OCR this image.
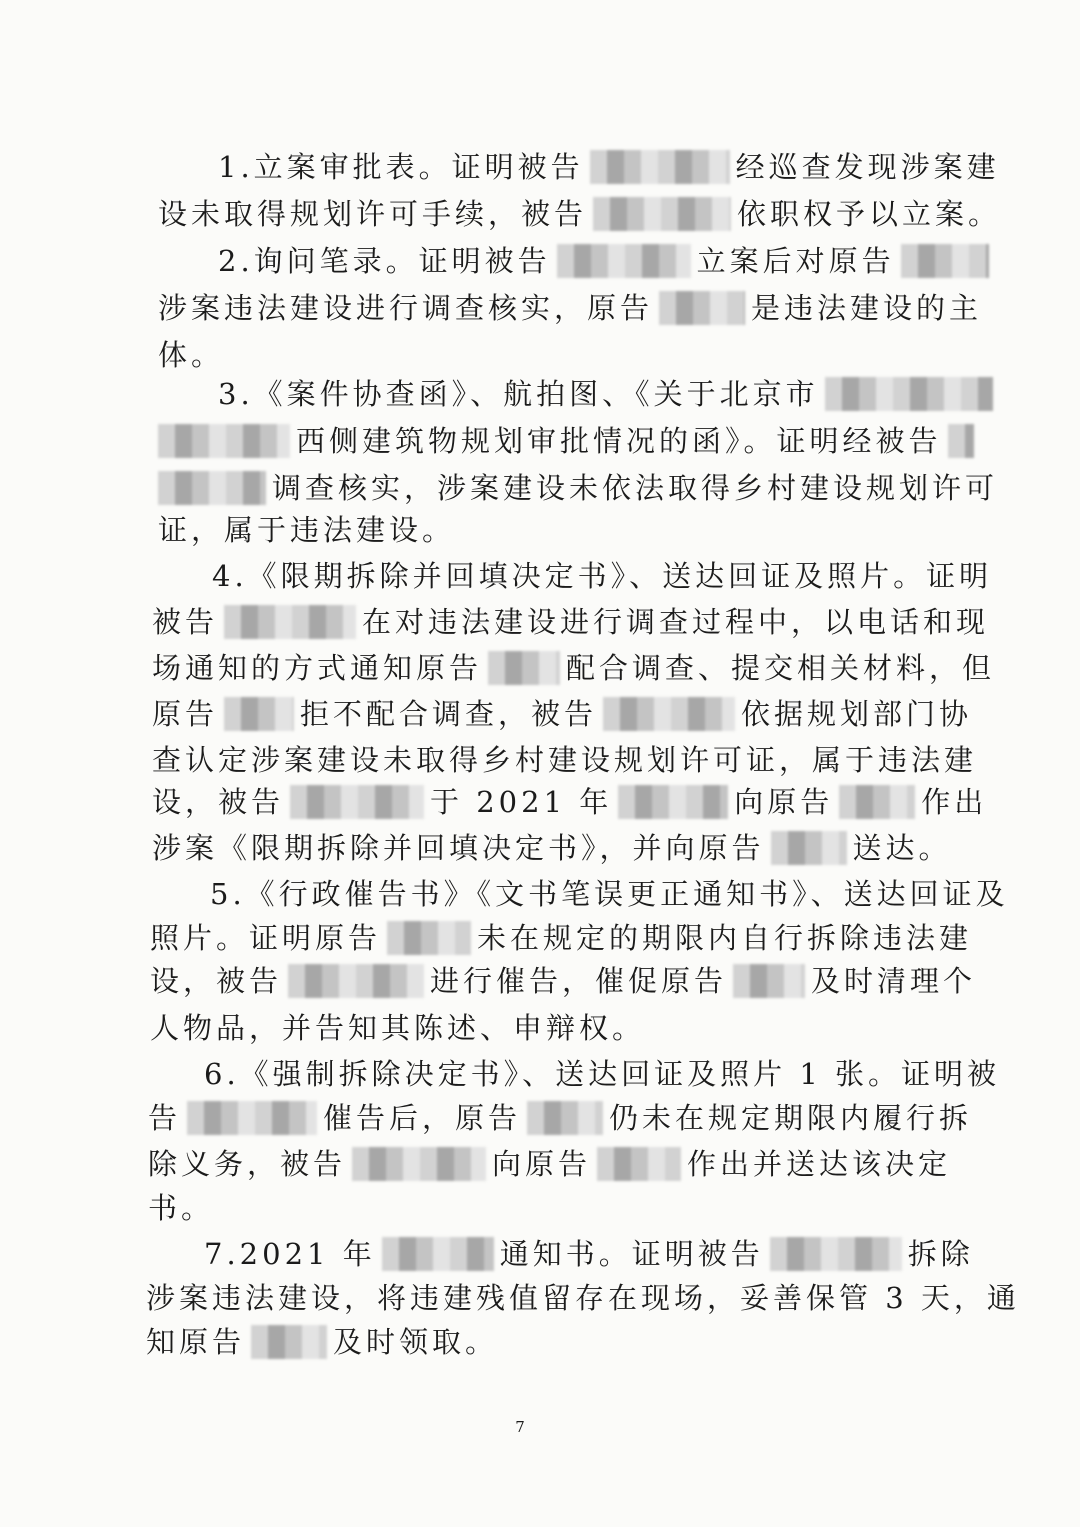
1.立案审批表。证明被告	经巡查发现涉案建
设未取得规划许可手续，被告	依职权予以立案。
2.询问笔录。证明被告	立案后对原告
涉案违法建设进行调查核实，原告	是违法建设的主
体。
3.《案件协查函》、航拍图、《关于北京市
西侧建筑物规划审批情况的函》。证明经被告
调查核实，涉案建设未依法取得乡村建设规划许可
证，属于违法建设。
4.《限期拆除并回填决定书》、送达回证及照片。证明
被告	在对违法建设进行调查过程中，以电话和现
场通知的方式通知原告	配合调查、提交相关材料，但
原告	拒不配合调查，被告	依据规划部门协
查认定涉案建设未取得乡村建设规划许可证，属于违法建
设，被告	于 2021 年	向原告	作出
涉案《限期拆除并回填决定书》，并向原告	送达。
5.《行政催告书》《文书笔误更正通知书》、送达回证及
照片。证明原告	未在规定的期限内自行拆除违法建
设，被告	进行催告，催促原告	及时清理个
人物品，并告知其陈述、申辩权。
6.《强制拆除决定书》、送达回证及照片 1 张。证明被
告	催告后，原告	仍未在规定期限内履行拆
除义务，被告	向原告	作出并送达该决定
书。
7.2021 年	通知书。证明被告	拆除
涉案违法建设，将违建残值留存在现场，妥善保管 3 天，通
知原告	及时领取。
7
